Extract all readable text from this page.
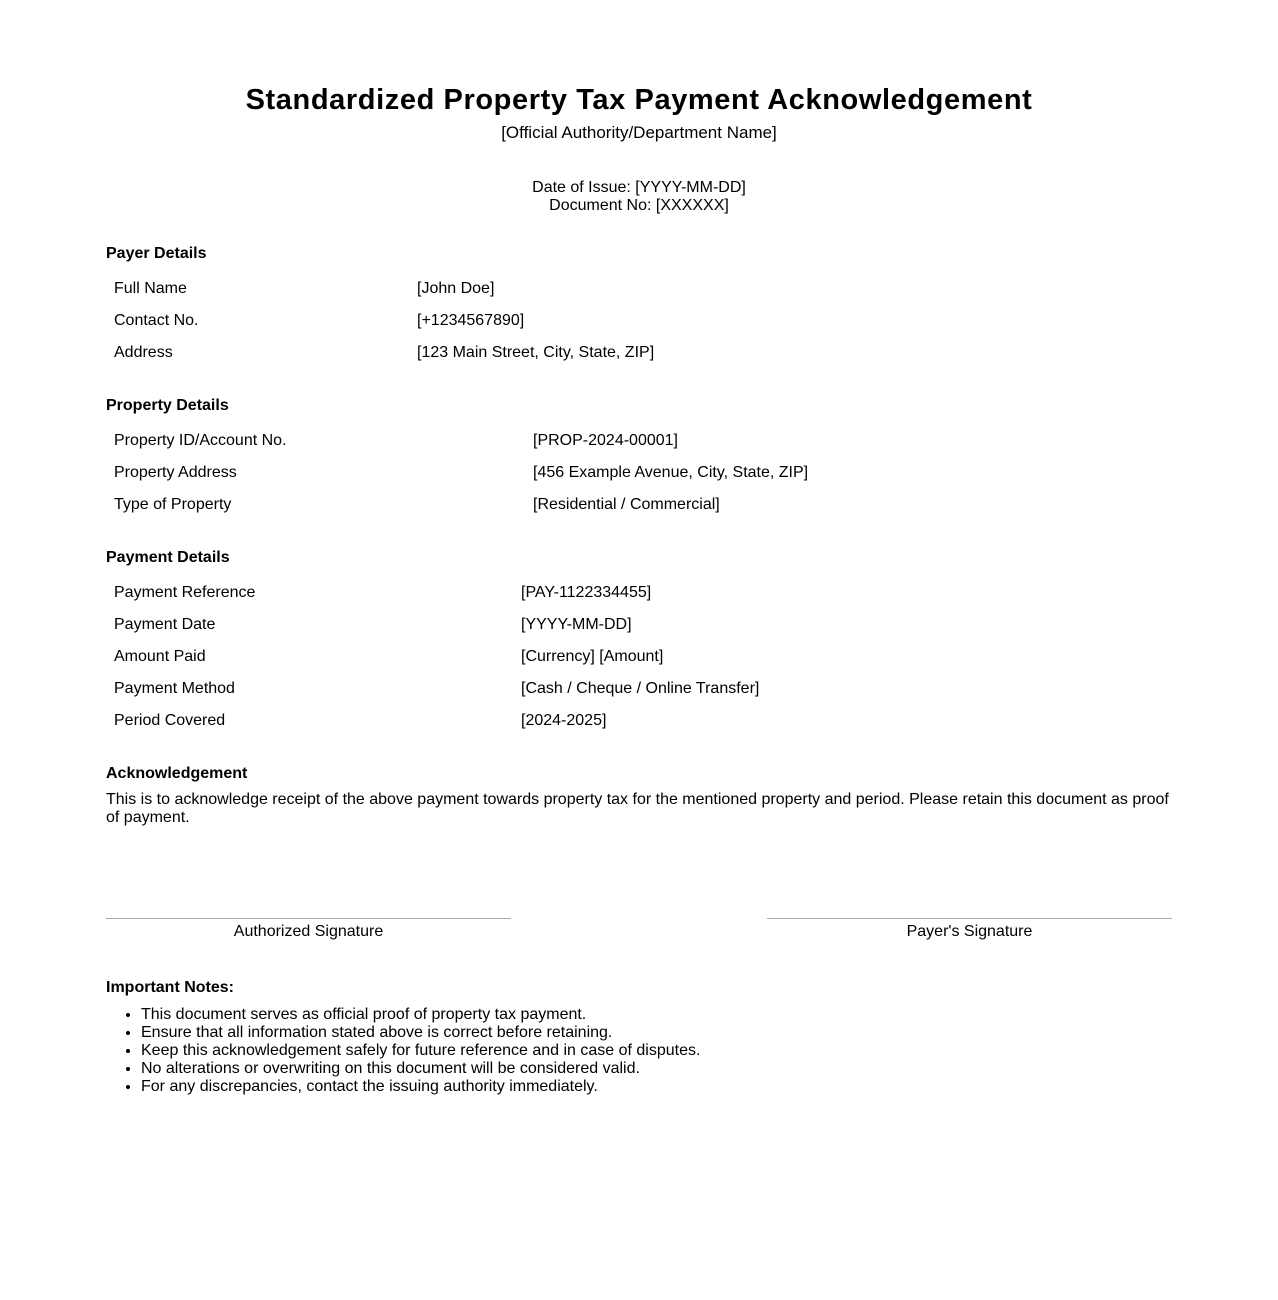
Standardized Property Tax Payment Acknowledgement
[Official Authority/Department Name]
Date of Issue: [YYYY-MM-DD]
Document No: [XXXXXX]
Payer Details
Full Name	[John Doe]
Contact No.	[+1234567890]
Address	[123 Main Street, City, State, ZIP]
Property Details
Property ID/Account No.	[PROP-2024-00001]
Property Address	[456 Example Avenue, City, State, ZIP]
Type of Property	[Residential / Commercial]
Payment Details
Payment Reference	[PAY-1122334455]
Payment Date	[YYYY-MM-DD]
Amount Paid	[Currency] [Amount]
Payment Method	[Cash / Cheque / Online Transfer]
Period Covered	[2024-2025]
Acknowledgement

This is to acknowledge receipt of the above payment towards property tax for the mentioned property and period. Please retain this document as proof of payment.

Authorized Signature	Payer's Signature
Important Notes:
• This document serves as official proof of property tax payment.
• Ensure that all information stated above is correct before retaining.
• Keep this acknowledgement safely for future reference and in case of disputes.
• No alterations or overwriting on this document will be considered valid.
• For any discrepancies, contact the issuing authority immediately.
